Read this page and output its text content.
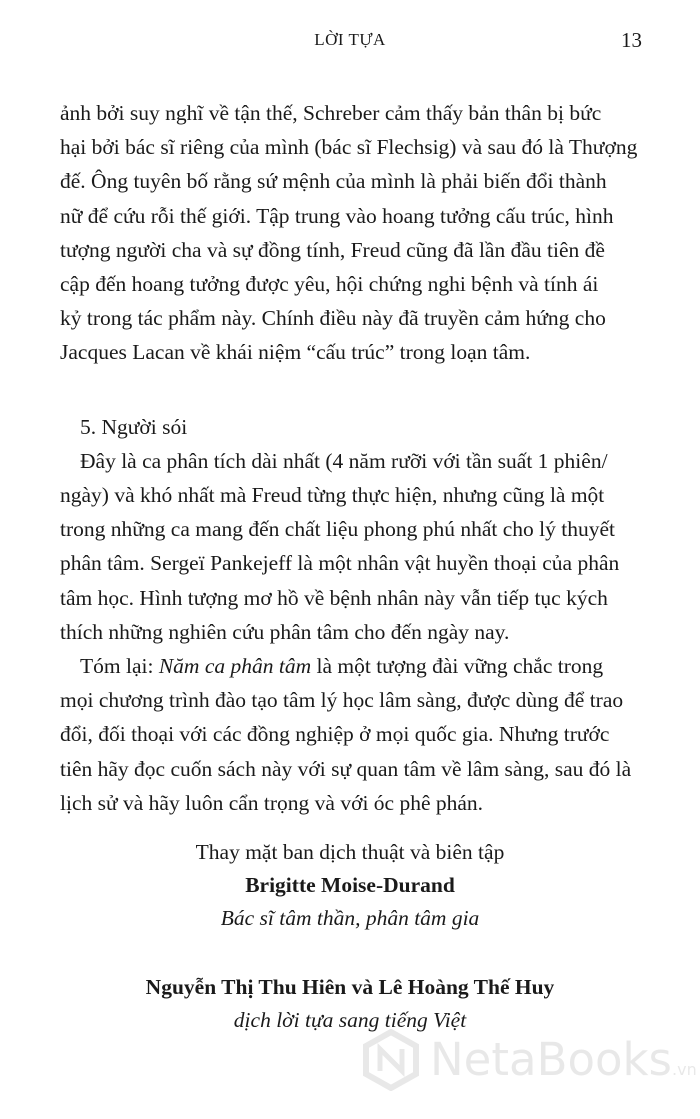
LỜI TỰA	13

ảnh bởi suy nghĩ về tận thế, Schreber cảm thấy bản thân bị bức
hại bởi bác sĩ riêng của mình (bác sĩ Flechsig) và sau đó là Thượng
đế. Ông tuyên bố rằng sứ mệnh của mình là phải biến đổi thành
nữ để cứu rỗi thế giới. Tập trung vào hoang tưởng cấu trúc, hình
tượng người cha và sự đồng tính, Freud cũng đã lần đầu tiên đề
cập đến hoang tưởng được yêu, hội chứng nghi bệnh và tính ái
kỷ trong tác phẩm này. Chính điều này đã truyền cảm hứng cho
Jacques Lacan về khái niệm “cấu trúc” trong loạn tâm.

5. Người sói
Đây là ca phân tích dài nhất (4 năm rưỡi với tần suất 1 phiên/
ngày) và khó nhất mà Freud từng thực hiện, nhưng cũng là một
trong những ca mang đến chất liệu phong phú nhất cho lý thuyết
phân tâm. Sergeï Pankejeff là một nhân vật huyền thoại của phân
tâm học. Hình tượng mơ hồ về bệnh nhân này vẫn tiếp tục kých
thích những nghiên cứu phân tâm cho đến ngày nay.

Tóm lại: Năm ca phân tâm là một tượng đài vững chắc trong
mọi chương trình đào tạo tâm lý học lâm sàng, được dùng để trao
đổi, đối thoại với các đồng nghiệp ở mọi quốc gia. Nhưng trước
tiên hãy đọc cuốn sách này với sự quan tâm về lâm sàng, sau đó là
lịch sử và hãy luôn cẩn trọng và với óc phê phán.

Thay mặt ban dịch thuật và biên tập
Brigitte Moise-Durand
Bác sĩ tâm thần, phân tâm gia
Nguyễn Thị Thu Hiên và Lê Hoàng Thế Huy
dịch lời tựa sang tiếng Việt
NetaBooks.vn
